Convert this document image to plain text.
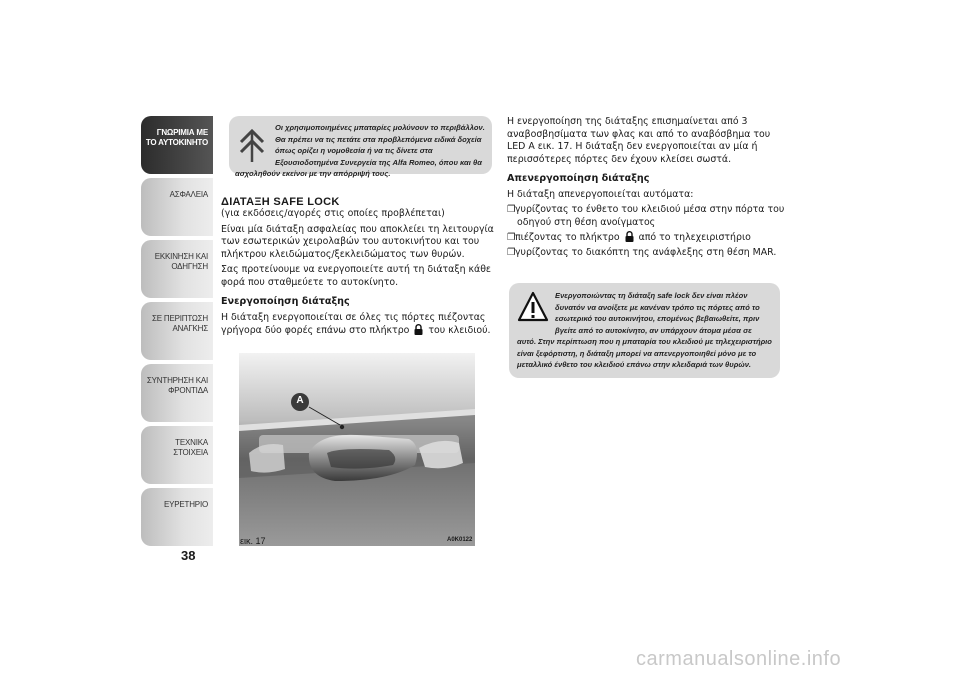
ΓΝΩΡΙΜΙΑ ΜΕ ΤΟ ΑΥΤΟΚΙΝΗΤΟ
ΑΣΦΑΛΕΙΑ
ΕΚΚΙΝΗΣΗ ΚΑΙ ΟΔΗΓΗΣΗ
ΣΕ ΠΕΡΙΠΤΩΣΗ ΑΝΑΓΚΗΣ
ΣΥΝΤΗΡΗΣΗ ΚΑΙ ΦΡΟΝΤΙΔΑ
ΤΕΧΝΙΚΑ ΣΤΟΙΧΕΙΑ
ΕΥΡΕΤΗΡΙΟ
38
Οι χρησιμοποιημένες μπαταρίες μολύνουν το περιβάλλον. Θα πρέπει να τις πετάτε στα προβλεπόμενα ειδικά δοχεία όπως ορίζει η νομοθεσία ή να τις δίνετε στα Εξουσιοδοτημένα Συνεργεία της Alfa Romeo, όπου και θα ασχοληθούν εκείνοι με την απόρριψή τους.
ΔΙΑΤΑΞΗ SAFE LOCK

(για εκδόσεις/αγορές στις οποίες προβλέπεται)

Είναι μία διάταξη ασφαλείας που αποκλείει τη λειτουργία των εσωτερικών χειρολαβών του αυτοκινήτου και του πλήκτρου κλειδώματος/ξεκλειδώματος των θυρών.

Σας προτείνουμε να ενεργοποιείτε αυτή τη διάταξη κάθε φορά που σταθμεύετε το αυτοκίνητο.

Ενεργοποίηση διάταξης

Η διάταξη ενεργοποιείται σε όλες τις πόρτες πιέζοντας γρήγορα δύο φορές επάνω στο πλήκτρο του κλειδιού.

A
εικ. 17	A0K0122

Η ενεργοποίηση της διάταξης επισημαίνεται από 3 αναβοσβησίματα των φλας και από το αναβόσβημα του LED A εικ. 17. Η διάταξη δεν ενεργοποιείται αν μία ή περισσότερες πόρτες δεν έχουν κλείσει σωστά.

Απενεργοποίηση διάταξης

Η διάταξη απενεργοποιείται αυτόματα:

❒γυρίζοντας το ένθετο του κλειδιού μέσα στην πόρτα του οδηγού στη θέση ανοίγματος
❒πιέζοντας το πλήκτρο από το τηλεχειριστήριο
❒γυρίζοντας το διακόπτη της ανάφλεξης στη θέση MAR.
Ενεργοποιώντας τη διάταξη safe lock δεν είναι πλέον δυνατόν να ανοίξετε με κανέναν τρόπο τις πόρτες από το εσωτερικό του αυτοκινήτου, επομένως βεβαιωθείτε, πριν βγείτε από το αυτοκίνητο, αν υπάρχουν άτομα μέσα σε αυτό. Στην περίπτωση που η μπαταρία του κλειδιού με τηλεχειριστήριο είναι ξεφόρτιστη, η διάταξη μπορεί να απενεργοποιηθεί μόνο με το μεταλλικό ένθετο του κλειδιού επάνω στην κλειδαριά των θυρών.
carmanualsonline.info
